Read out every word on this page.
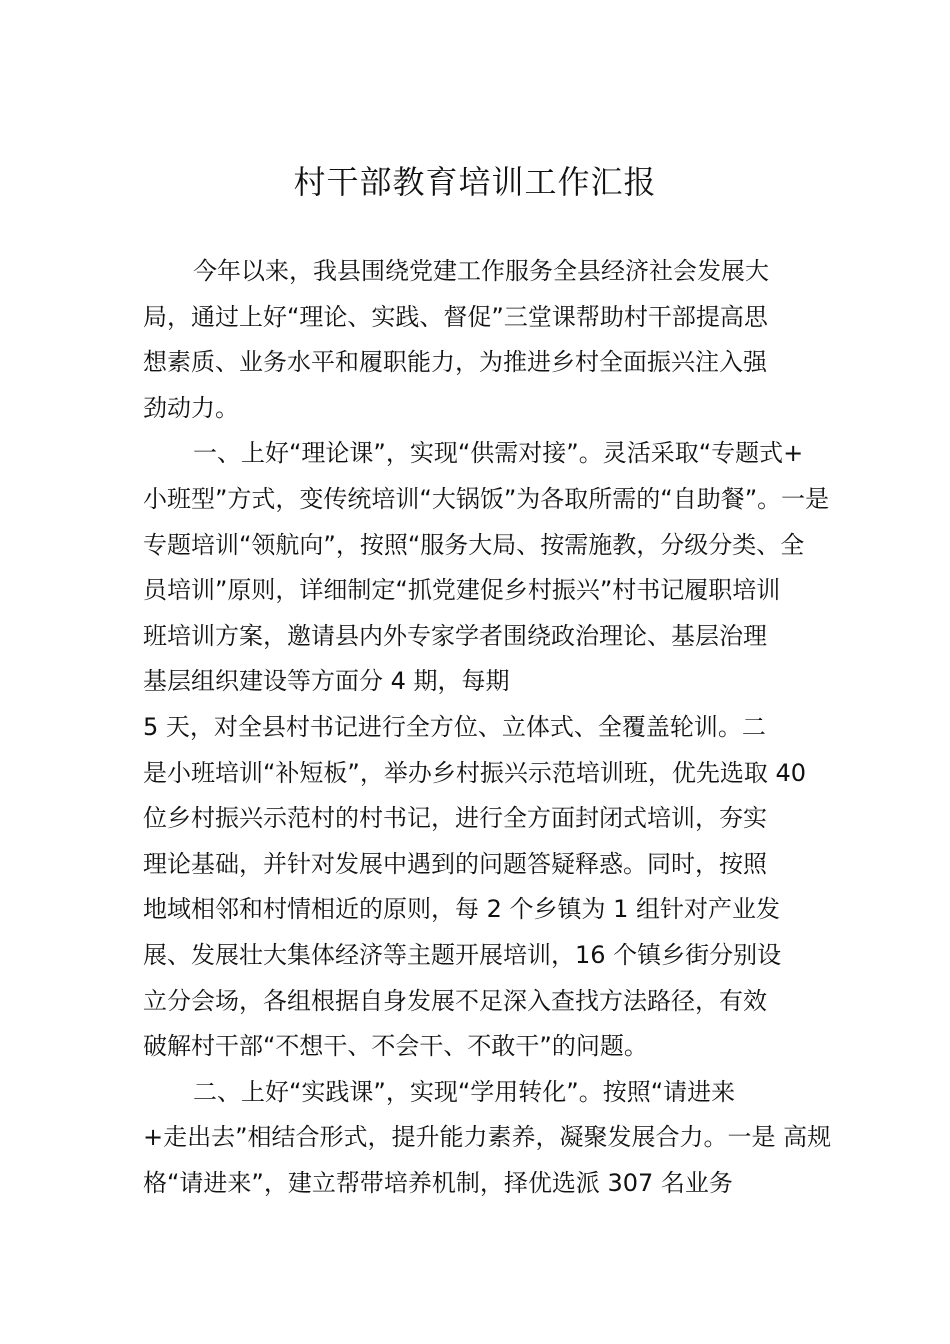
村干部教育培训工作汇报
今年以来，我县围绕党建工作服务全县经济社会发展大
局，通过上好“理论、实践、督促”三堂课帮助村干部提高思
想素质、业务水平和履职能力，为推进乡村全面振兴注入强
劲动力。
一、上好“理论课”，实现“供需对接”。灵活采取“专题式+
小班型”方式，变传统培训“大锅饭”为各取所需的“自助餐”。一是
专题培训“领航向”，按照“服务大局、按需施教，分级分类、全
员培训”原则，详细制定“抓党建促乡村振兴”村书记履职培训
班培训方案，邀请县内外专家学者围绕政治理论、基层治理
基层组织建设等方面分 4 期，每期
5 天，对全县村书记进行全方位、立体式、全覆盖轮训。二
是小班培训“补短板”，举办乡村振兴示范培训班，优先选取 40
位乡村振兴示范村的村书记，进行全方面封闭式培训，夯实
理论基础，并针对发展中遇到的问题答疑释惑。同时，按照
地域相邻和村情相近的原则，每 2 个乡镇为 1 组针对产业发
展、发展壮大集体经济等主题开展培训，16 个镇乡街分别设
立分会场，各组根据自身发展不足深入查找方法路径，有效
破解村干部“不想干、不会干、不敢干”的问题。
二、上好“实践课”，实现“学用转化”。按照“请进来
+走出去”相结合形式，提升能力素养，凝聚发展合力。一是 高规
格“请进来”，建立帮带培养机制，择优选派 307 名业务
